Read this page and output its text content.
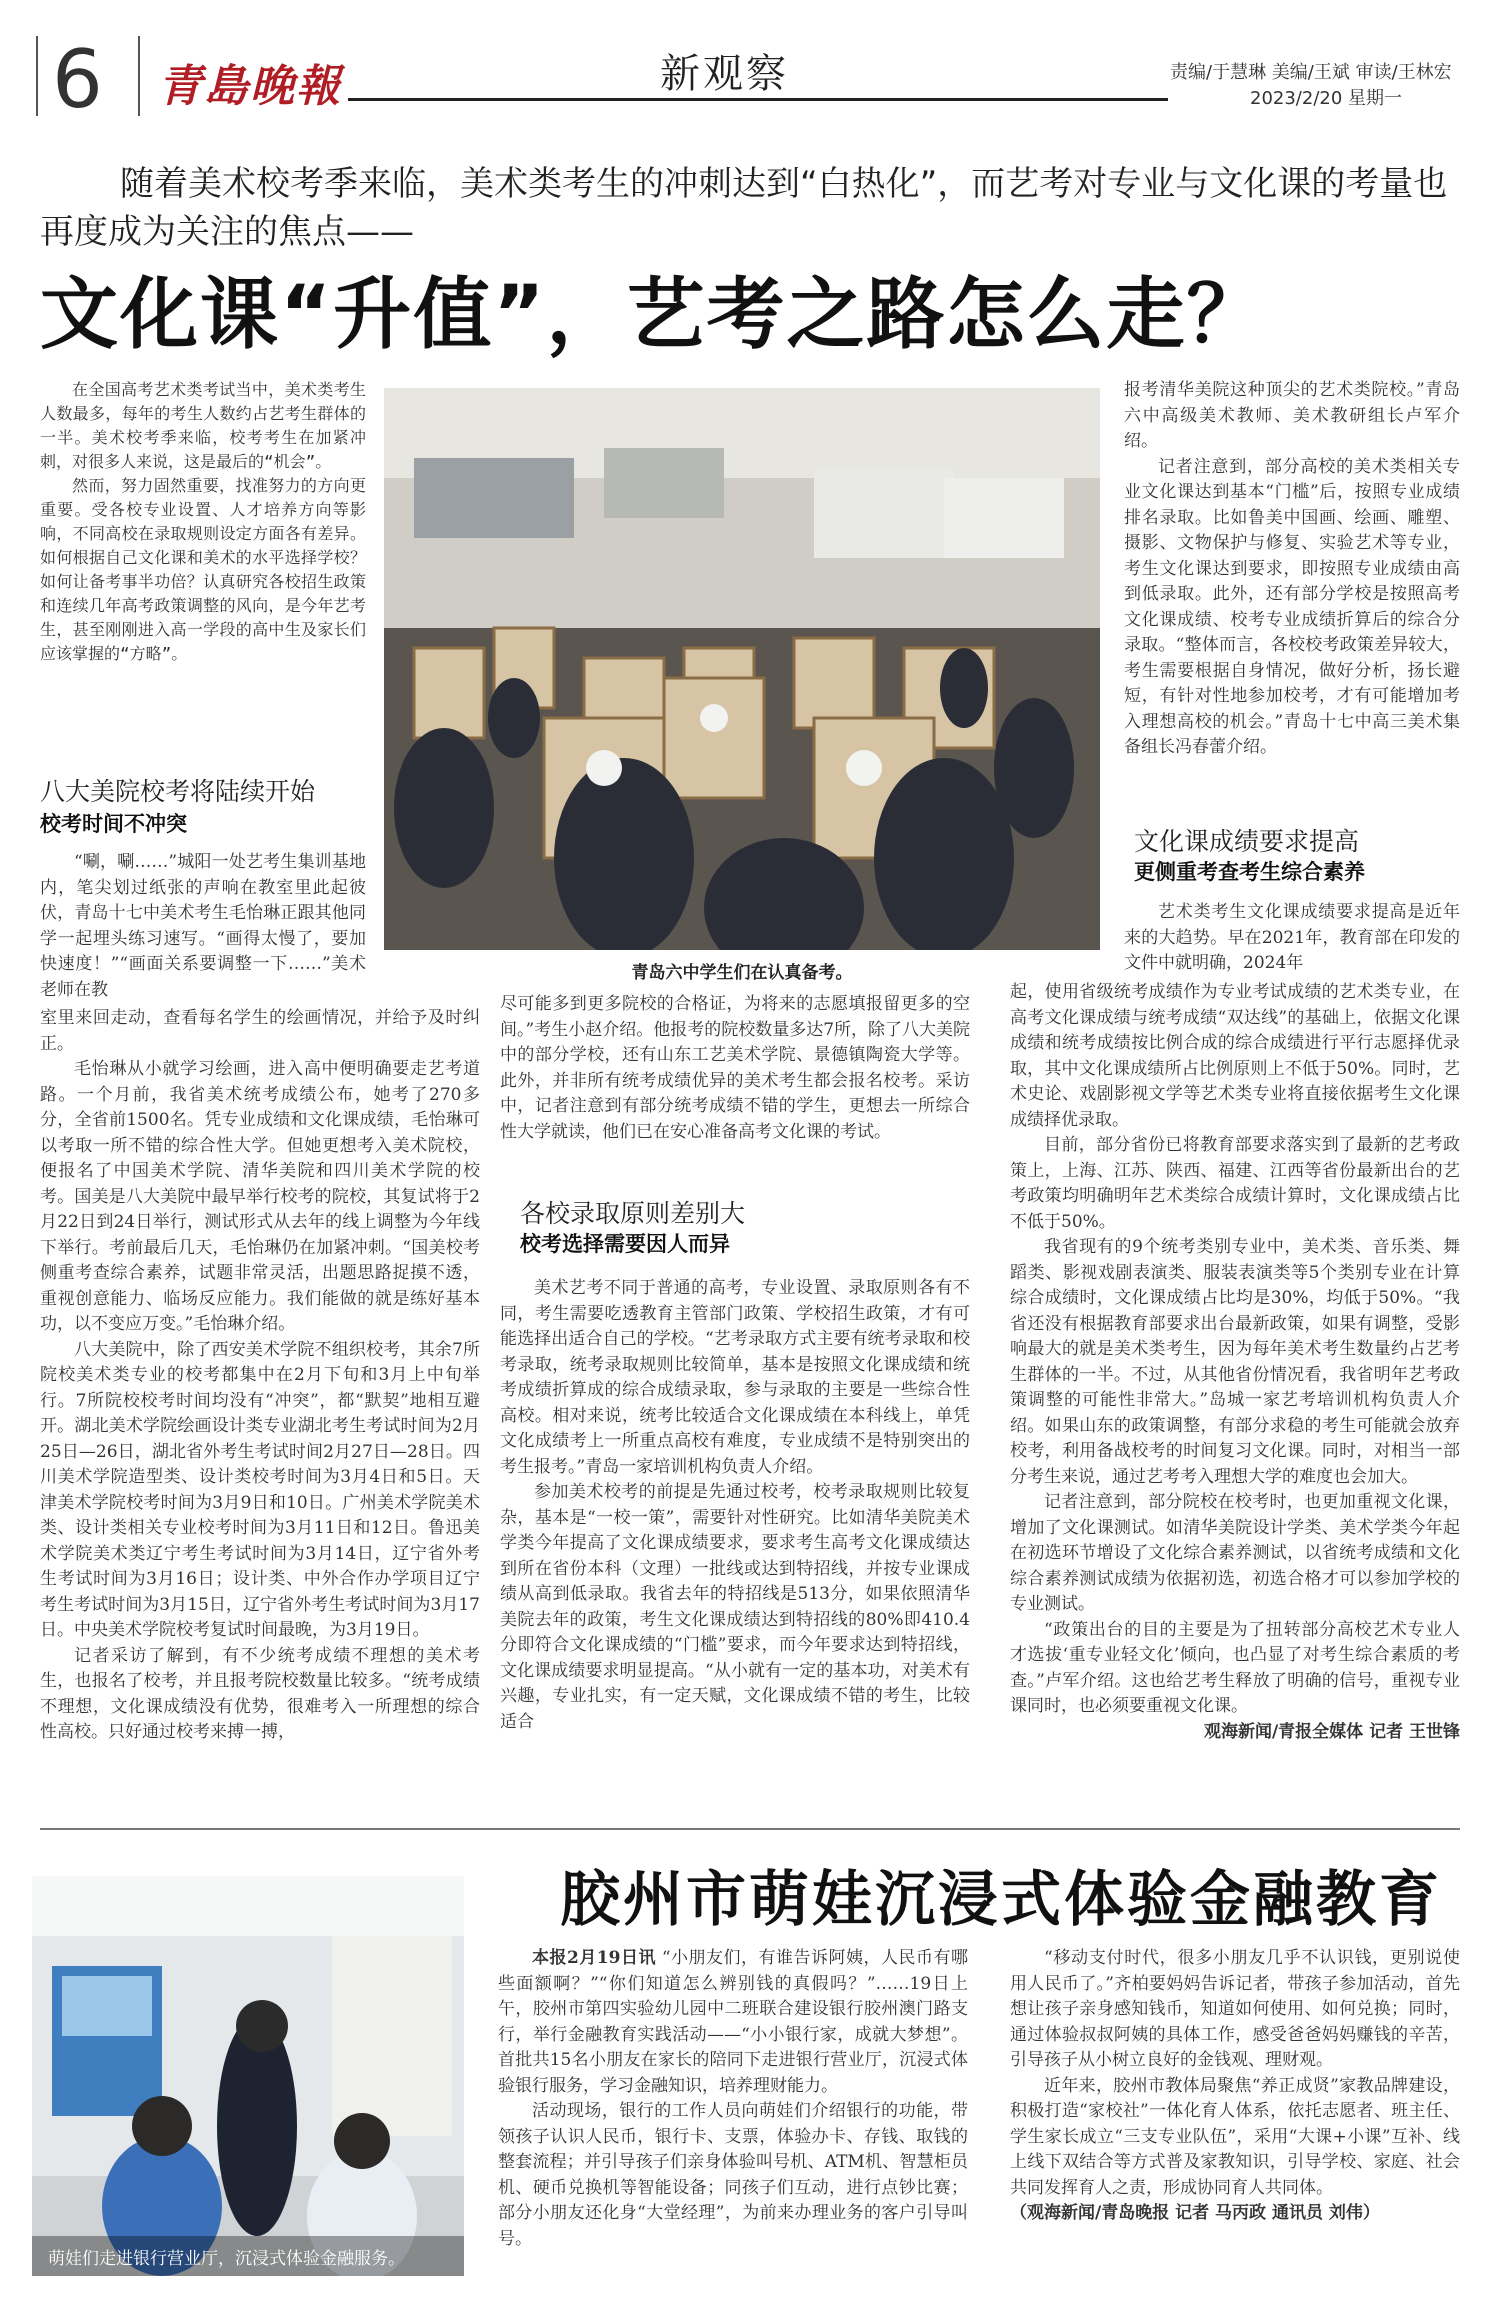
6 青島晚報	新观察	责编/于慧琳 美编/王斌 审读/王林宏
2023/2/20 星期一
随着美术校考季来临，美术类考生的冲刺达到“白热化”，而艺考对专业与文化课的考量也再度成为关注的焦点——
文化课“升值”，艺考之路怎么走？

在全国高考艺术类考试当中，美术类考生人数最多，每年的考生人数约占艺考生群体的一半。美术校考季来临，校考考生在加紧冲刺，对很多人来说，这是最后的“机会”。

然而，努力固然重要，找准努力的方向更重要。受各校专业设置、人才培养方向等影响，不同高校在录取规则设定方面各有差异。如何根据自己文化课和美术的水平选择学校？如何让备考事半功倍？认真研究各校招生政策和连续几年高考政策调整的风向，是今年艺考生，甚至刚刚进入高一学段的高中生及家长们应该掌握的“方略”。

八大美院校考将陆续开始
校考时间不冲突

“唰，唰……”城阳一处艺考生集训基地内，笔尖划过纸张的声响在教室里此起彼伏，青岛十七中美术考生毛怡琳正跟其他同学一起埋头练习速写。“画得太慢了，要加快速度！”“画面关系要调整一下……”美术老师在教

室里来回走动，查看每名学生的绘画情况，并给予及时纠正。

毛怡琳从小就学习绘画，进入高中便明确要走艺考道路。一个月前，我省美术统考成绩公布，她考了270多分，全省前1500名。凭专业成绩和文化课成绩，毛怡琳可以考取一所不错的综合性大学。但她更想考入美术院校，便报名了中国美术学院、清华美院和四川美术学院的校考。国美是八大美院中最早举行校考的院校，其复试将于2月22日到24日举行，测试形式从去年的线上调整为今年线下举行。考前最后几天，毛怡琳仍在加紧冲刺。“国美校考侧重考查综合素养，试题非常灵活，出题思路捉摸不透，重视创意能力、临场反应能力。我们能做的就是练好基本功，以不变应万变。”毛怡琳介绍。

八大美院中，除了西安美术学院不组织校考，其余7所院校美术类专业的校考都集中在2月下旬和3月上中旬举行。7所院校校考时间均没有“冲突”，都“默契”地相互避开。湖北美术学院绘画设计类专业湖北考生考试时间为2月25日—26日，湖北省外考生考试时间2月27日—28日。四川美术学院造型类、设计类校考时间为3月4日和5日。天津美术学院校考时间为3月9日和10日。广州美术学院美术类、设计类相关专业校考时间为3月11日和12日。鲁迅美术学院美术类辽宁考生考试时间为3月14日，辽宁省外考生考试时间为3月16日；设计类、中外合作办学项目辽宁考生考试时间为3月15日，辽宁省外考生考试时间为3月17日。中央美术学院校考复试时间最晚，为3月19日。

记者采访了解到，有不少统考成绩不理想的美术考生，也报名了校考，并且报考院校数量比较多。“统考成绩不理想，文化课成绩没有优势，很难考入一所理想的综合性高校。只好通过校考来搏一搏，

青岛六中学生们在认真备考。

尽可能多到更多院校的合格证，为将来的志愿填报留更多的空间。”考生小赵介绍。他报考的院校数量多达7所，除了八大美院中的部分学校，还有山东工艺美术学院、景德镇陶瓷大学等。此外，并非所有统考成绩优异的美术考生都会报名校考。采访中，记者注意到有部分统考成绩不错的学生，更想去一所综合性大学就读，他们已在安心准备高考文化课的考试。

各校录取原则差别大
校考选择需要因人而异

美术艺考不同于普通的高考，专业设置、录取原则各有不同，考生需要吃透教育主管部门政策、学校招生政策，才有可能选择出适合自己的学校。“艺考录取方式主要有统考录取和校考录取，统考录取规则比较简单，基本是按照文化课成绩和统考成绩折算成的综合成绩录取，参与录取的主要是一些综合性高校。相对来说，统考比较适合文化课成绩在本科线上，单凭文化成绩考上一所重点高校有难度，专业成绩不是特别突出的考生报考。”青岛一家培训机构负责人介绍。

参加美术校考的前提是先通过校考，校考录取规则比较复杂，基本是“一校一策”，需要针对性研究。比如清华美院美术学类今年提高了文化课成绩要求，要求考生高考文化课成绩达到所在省份本科（文理）一批线或达到特招线，并按专业课成绩从高到低录取。我省去年的特招线是513分，如果依照清华美院去年的政策，考生文化课成绩达到特招线的80%即410.4分即符合文化课成绩的“门槛”要求，而今年要求达到特招线，文化课成绩要求明显提高。“从小就有一定的基本功，对美术有兴趣，专业扎实，有一定天赋，文化课成绩不错的考生，比较适合

报考清华美院这种顶尖的艺术类院校。”青岛六中高级美术教师、美术教研组长卢军介绍。

记者注意到，部分高校的美术类相关专业文化课达到基本“门槛”后，按照专业成绩排名录取。比如鲁美中国画、绘画、雕塑、摄影、文物保护与修复、实验艺术等专业，考生文化课达到要求，即按照专业成绩由高到低录取。此外，还有部分学校是按照高考文化课成绩、校考专业成绩折算后的综合分录取。“整体而言，各校校考政策差异较大，考生需要根据自身情况，做好分析，扬长避短，有针对性地参加校考，才有可能增加考入理想高校的机会。”青岛十七中高三美术集备组长冯春蕾介绍。

文化课成绩要求提高
更侧重考查考生综合素养

艺术类考生文化课成绩要求提高是近年来的大趋势。早在2021年，教育部在印发的文件中就明确，2024年

起，使用省级统考成绩作为专业考试成绩的艺术类专业，在高考文化课成绩与统考成绩“双达线”的基础上，依据文化课成绩和统考成绩按比例合成的综合成绩进行平行志愿择优录取，其中文化课成绩所占比例原则上不低于50%。同时，艺术史论、戏剧影视文学等艺术类专业将直接依据考生文化课成绩择优录取。

目前，部分省份已将教育部要求落实到了最新的艺考政策上，上海、江苏、陕西、福建、江西等省份最新出台的艺考政策均明确明年艺术类综合成绩计算时，文化课成绩占比不低于50%。

我省现有的9个统考类别专业中，美术类、音乐类、舞蹈类、影视戏剧表演类、服装表演类等5个类别专业在计算综合成绩时，文化课成绩占比均是30%，均低于50%。“我省还没有根据教育部要求出台最新政策，如果有调整，受影响最大的就是美术类考生，因为每年美术考生数量约占艺考生群体的一半。不过，从其他省份情况看，我省明年艺考政策调整的可能性非常大。”岛城一家艺考培训机构负责人介绍。如果山东的政策调整，有部分求稳的考生可能就会放弃校考，利用备战校考的时间复习文化课。同时，对相当一部分考生来说，通过艺考考入理想大学的难度也会加大。

记者注意到，部分院校在校考时，也更加重视文化课，增加了文化课测试。如清华美院设计学类、美术学类今年起在初选环节增设了文化综合素养测试，以省统考成绩和文化综合素养测试成绩为依据初选，初选合格才可以参加学校的专业测试。

“政策出台的目的主要是为了扭转部分高校艺术专业人才选拔‘重专业轻文化’倾向，也凸显了对考生综合素质的考查。”卢军介绍。这也给艺考生释放了明确的信号，重视专业课同时，也必须要重视文化课。

观海新闻/青报全媒体 记者 王世锋

萌娃们走进银行营业厅，沉浸式体验金融服务。
胶州市萌娃沉浸式体验金融教育

本报2月19日讯 “小朋友们，有谁告诉阿姨，人民币有哪些面额啊？”“你们知道怎么辨别钱的真假吗？”……19日上午，胶州市第四实验幼儿园中二班联合建设银行胶州澳门路支行，举行金融教育实践活动——“小小银行家，成就大梦想”。首批共15名小朋友在家长的陪同下走进银行营业厅，沉浸式体验银行服务，学习金融知识，培养理财能力。

活动现场，银行的工作人员向萌娃们介绍银行的功能，带领孩子认识人民币，银行卡、支票，体验办卡、存钱、取钱的整套流程；并引导孩子们亲身体验叫号机、ATM机、智慧柜员机、硬币兑换机等智能设备；同孩子们互动，进行点钞比赛；部分小朋友还化身“大堂经理”，为前来办理业务的客户引导叫号。

“移动支付时代，很多小朋友几乎不认识钱，更别说使用人民币了。”齐柏要妈妈告诉记者，带孩子参加活动，首先想让孩子亲身感知钱币，知道如何使用、如何兑换；同时，通过体验叔叔阿姨的具体工作，感受爸爸妈妈赚钱的辛苦，引导孩子从小树立良好的金钱观、理财观。

近年来，胶州市教体局聚焦“养正成贤”家教品牌建设，积极打造“家校社”一体化育人体系，依托志愿者、班主任、学生家长成立“三支专业队伍”，采用“大课+小课”互补、线上线下双结合等方式普及家教知识，引导学校、家庭、社会共同发挥育人之责，形成协同育人共同体。

（观海新闻/青岛晚报 记者 马丙政 通讯员 刘伟）
